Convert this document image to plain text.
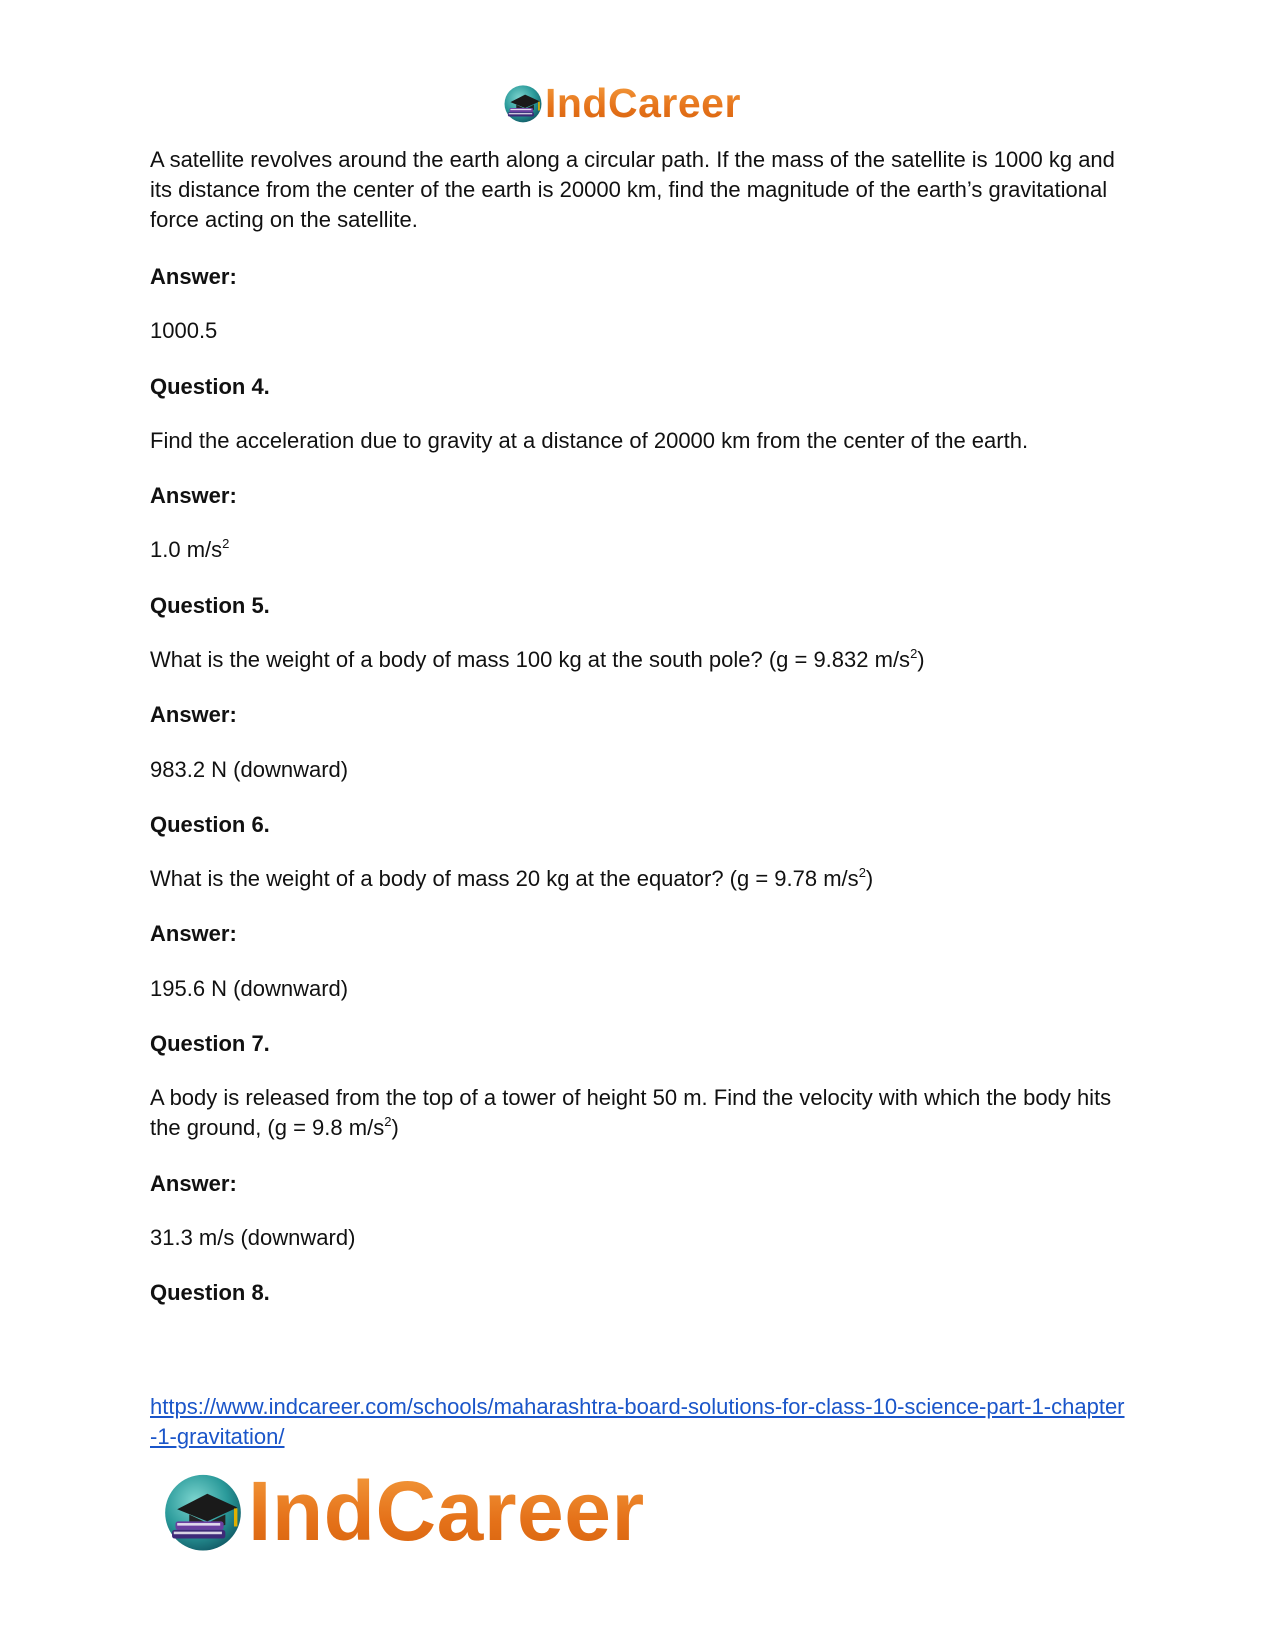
IndCareer

A satellite revolves around the earth along a circular path. If the mass of the satellite is 1000 kg and its distance from the center of the earth is 20000 km, find the magnitude of the earth’s gravitational force acting on the satellite.

Answer:

1000.5

Question 4.

Find the acceleration due to gravity at a distance of 20000 km from the center of the earth.

Answer:

1.0 $m/s^2$

Question 5.

What is the weight of a body of mass 100 kg at the south pole? (g = 9.832 $m/s^2$)

Answer:

983.2 N (downward)

Question 6.

What is the weight of a body of mass 20 kg at the equator? (g = 9.78 $m/s^2$)

Answer:

195.6 N (downward)

Question 7.

A body is released from the top of a tower of height 50 m. Find the velocity with which the body hits the ground, (g = 9.8 $m/s^2$)

Answer:

31.3 m/s (downward)

Question 8.

https://www.indcareer.com/schools/maharashtra-board-solutions-for-class-10-science-part-1-chapter-1-gravitation/
IndCareer
